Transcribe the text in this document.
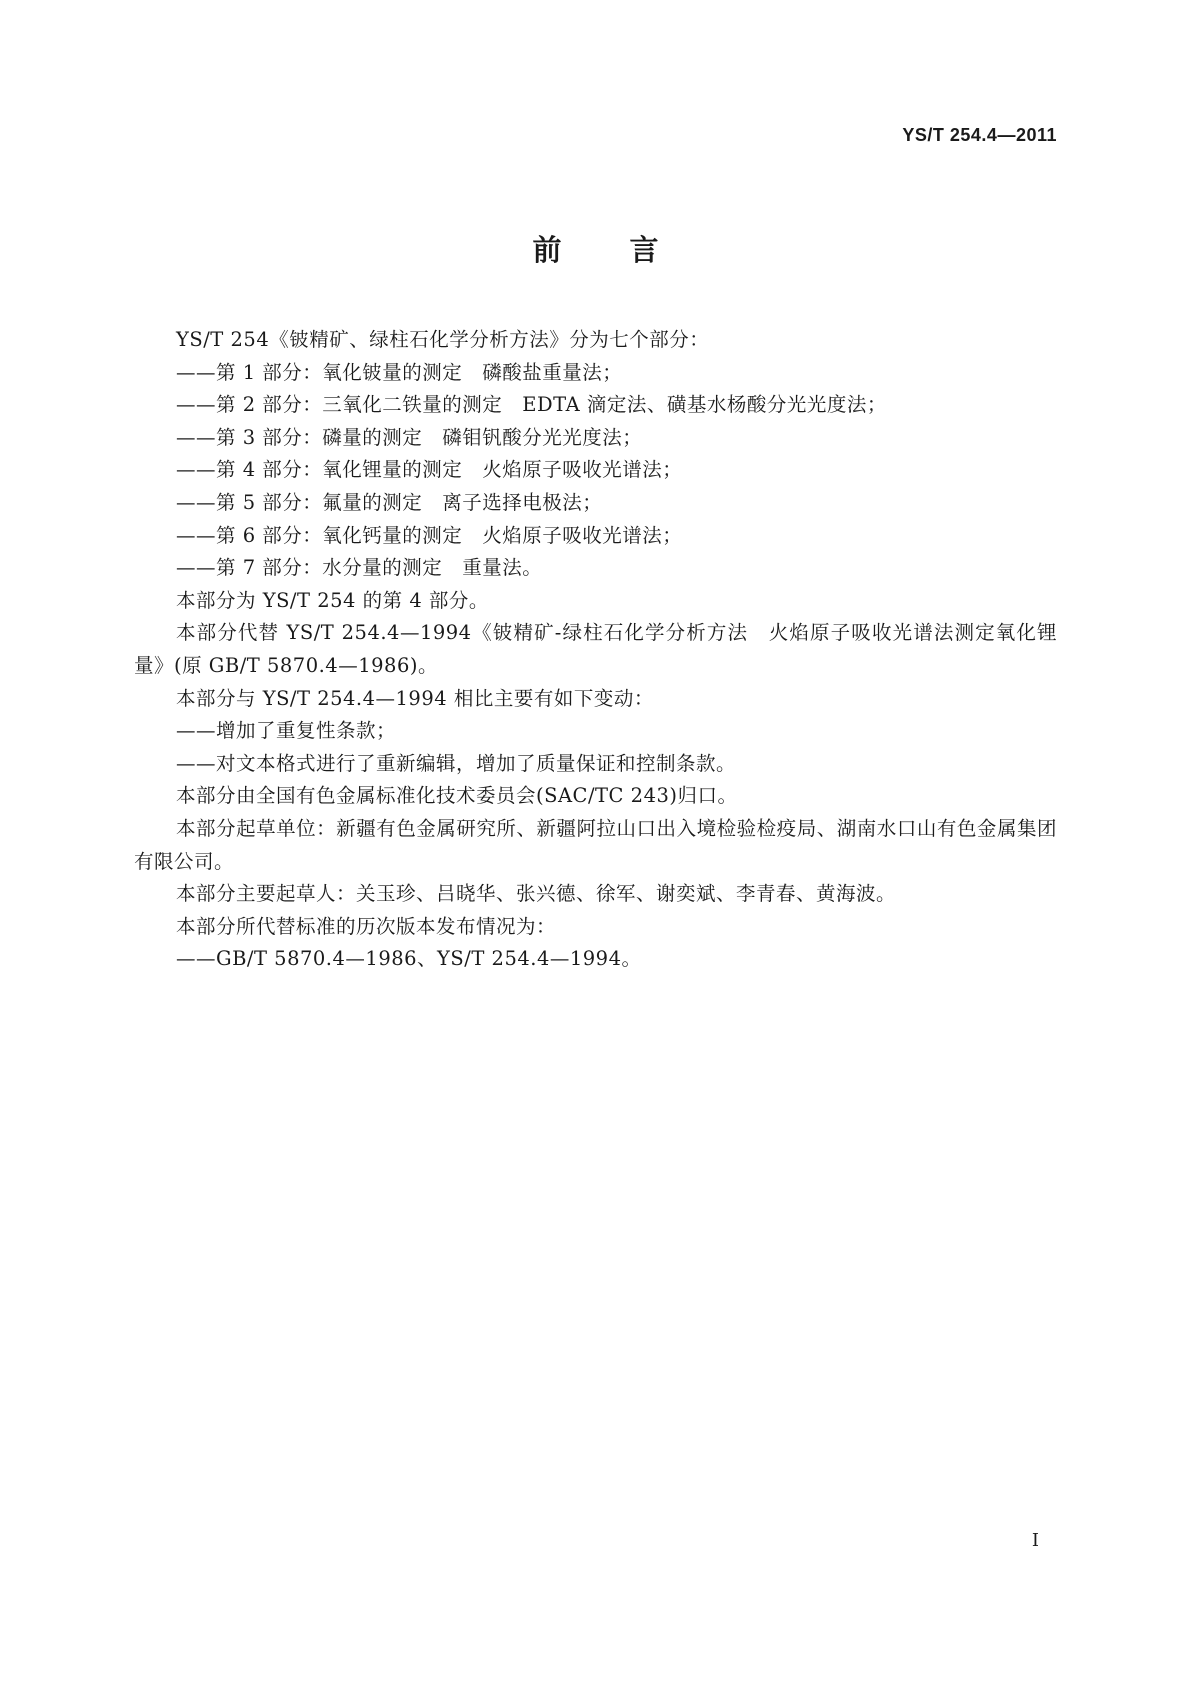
YS/T 254.4—2011
前言

YS/T 254《铍精矿、绿柱石化学分析方法》分为七个部分：

——第 1 部分：氧化铍量的测定　磷酸盐重量法；

——第 2 部分：三氧化二铁量的测定　EDTA 滴定法、磺基水杨酸分光光度法；

——第 3 部分：磷量的测定　磷钼钒酸分光光度法；

——第 4 部分：氧化锂量的测定　火焰原子吸收光谱法；

——第 5 部分：氟量的测定　离子选择电极法；

——第 6 部分：氧化钙量的测定　火焰原子吸收光谱法；

——第 7 部分：水分量的测定　重量法。

本部分为 YS/T 254 的第 4 部分。

本部分代替 YS/T 254.4—1994《铍精矿-绿柱石化学分析方法　火焰原子吸收光谱法测定氧化锂量》(原 GB/T 5870.4—1986)。

本部分与 YS/T 254.4—1994 相比主要有如下变动：

——增加了重复性条款；

——对文本格式进行了重新编辑，增加了质量保证和控制条款。

本部分由全国有色金属标准化技术委员会(SAC/TC 243)归口。

本部分起草单位：新疆有色金属研究所、新疆阿拉山口出入境检验检疫局、湖南水口山有色金属集团有限公司。

本部分主要起草人：关玉珍、吕晓华、张兴德、徐军、谢奕斌、李青春、黄海波。

本部分所代替标准的历次版本发布情况为：

——GB/T 5870.4—1986、YS/T 254.4—1994。

I
